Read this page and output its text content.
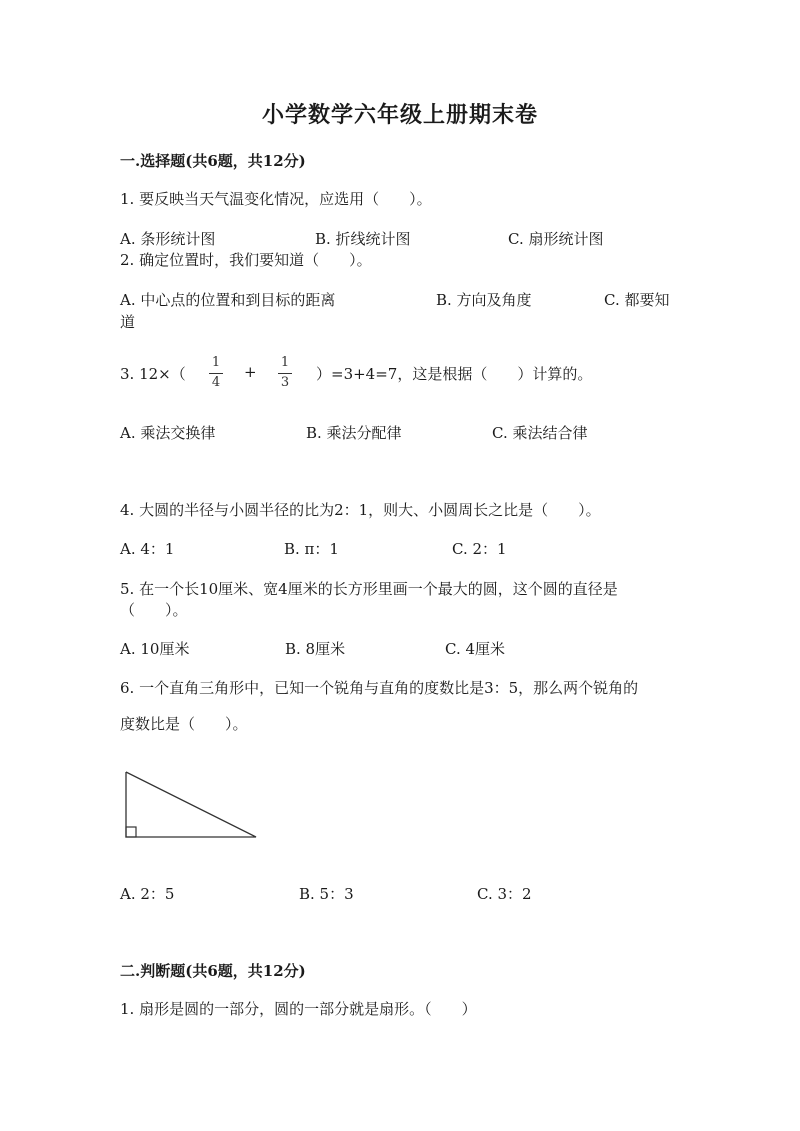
小学数学六年级上册期末卷
一.选择题(共6题，共12分)
1. 要反映当天气温变化情况，应选用（　　）。
A. 条形统计图	B. 折线统计图	C. 扇形统计图
2. 确定位置时，我们要知道（　　）。
A. 中心点的位置和到目标的距离	B. 方向及角度	C. 都要知
道
3. 12×（
1
4
+
1
3 ）=3+4=7，这是根据（　　）计算的。
A. 乘法交换律	B. 乘法分配律	C. 乘法结合律
4. 大圆的半径与小圆半径的比为2：1，则大、小圆周长之比是（　　）。
A. 4：1	B. π：1	C. 2：1
5. 在一个长10厘米、宽4厘米的长方形里画一个最大的圆，这个圆的直径是
（　　）。
A. 10厘米	B. 8厘米	C. 4厘米
6. 一个直角三角形中，已知一个锐角与直角的度数比是3：5，那么两个锐角的
度数比是（　　）。
A. 2：5	B. 5：3	C. 3：2
二.判断题(共6题，共12分)
1. 扇形是圆的一部分，圆的一部分就是扇形。（　　）
